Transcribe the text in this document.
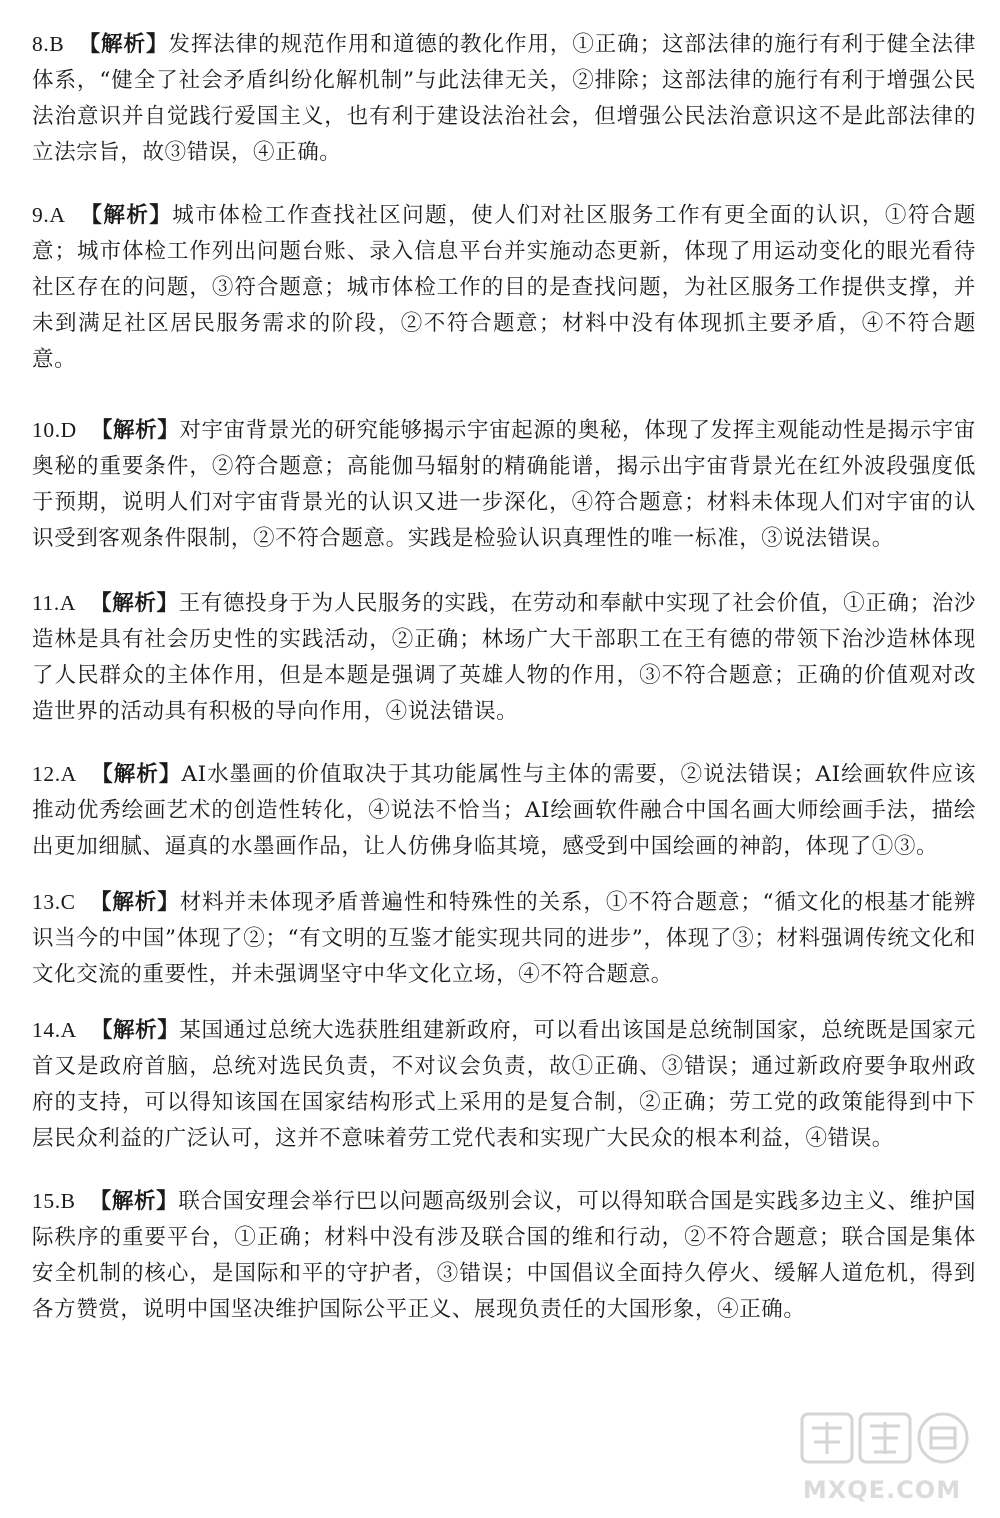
8.B 【解析】发挥法律的规范作用和道德的教化作用，①正确；这部法律的施行有利于健全法律体系，“健全了社会矛盾纠纷化解机制”与此法律无关，②排除；这部法律的施行有利于增强公民法治意识并自觉践行爱国主义，也有利于建设法治社会，但增强公民法治意识这不是此部法律的立法宗旨，故③错误，④正确。

9.A 【解析】城市体检工作查找社区问题，使人们对社区服务工作有更全面的认识，①符合题意；城市体检工作列出问题台账、录入信息平台并实施动态更新，体现了用运动变化的眼光看待社区存在的问题，③符合题意；城市体检工作的目的是查找问题，为社区服务工作提供支撑，并未到满足社区居民服务需求的阶段，②不符合题意；材料中没有体现抓主要矛盾，④不符合题意。

10.D 【解析】对宇宙背景光的研究能够揭示宇宙起源的奥秘，体现了发挥主观能动性是揭示宇宙奥秘的重要条件，②符合题意；高能伽马辐射的精确能谱，揭示出宇宙背景光在红外波段强度低于预期，说明人们对宇宙背景光的认识又进一步深化，④符合题意；材料未体现人们对宇宙的认识受到客观条件限制，②不符合题意。实践是检验认识真理性的唯一标准，③说法错误。

11.A 【解析】王有德投身于为人民服务的实践，在劳动和奉献中实现了社会价值，①正确；治沙造林是具有社会历史性的实践活动，②正确；林场广大干部职工在王有德的带领下治沙造林体现了人民群众的主体作用，但是本题是强调了英雄人物的作用，③不符合题意；正确的价值观对改造世界的活动具有积极的导向作用，④说法错误。

12.A 【解析】AI水墨画的价值取决于其功能属性与主体的需要，②说法错误；AI绘画软件应该推动优秀绘画艺术的创造性转化，④说法不恰当；AI绘画软件融合中国名画大师绘画手法，描绘出更加细腻、逼真的水墨画作品，让人仿佛身临其境，感受到中国绘画的神韵，体现了①③。

13.C 【解析】材料并未体现矛盾普遍性和特殊性的关系，①不符合题意；“循文化的根基才能辨识当今的中国”体现了②；“有文明的互鉴才能实现共同的进步”，体现了③；材料强调传统文化和文化交流的重要性，并未强调坚守中华文化立场，④不符合题意。

14.A 【解析】某国通过总统大选获胜组建新政府，可以看出该国是总统制国家，总统既是国家元首又是政府首脑，总统对选民负责，不对议会负责，故①正确、③错误；通过新政府要争取州政府的支持，可以得知该国在国家结构形式上采用的是复合制，②正确；劳工党的政策能得到中下层民众利益的广泛认可，这并不意味着劳工党代表和实现广大民众的根本利益，④错误。

15.B 【解析】联合国安理会举行巴以问题高级别会议，可以得知联合国是实践多边主义、维护国际秩序的重要平台，①正确；材料中没有涉及联合国的维和行动，②不符合题意；联合国是集体安全机制的核心，是国际和平的守护者，③错误；中国倡议全面持久停火、缓解人道危机，得到各方赞赏，说明中国坚决维护国际公平正义、展现负责任的大国形象，④正确。

MXQE.COM
